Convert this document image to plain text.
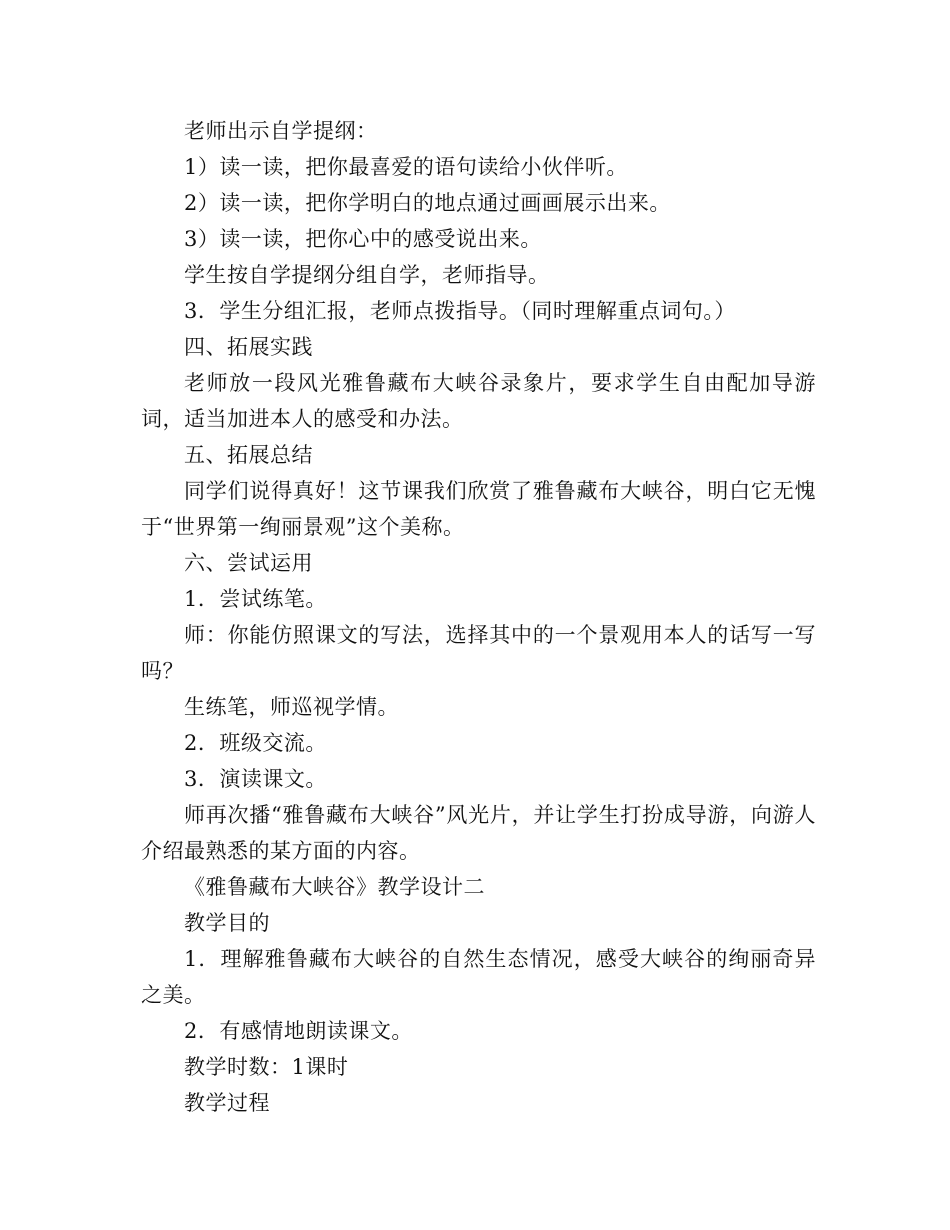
老师出示自学提纲：

1）读一读，把你最喜爱的语句读给小伙伴听。

2）读一读，把你学明白的地点通过画画展示出来。

3）读一读，把你心中的感受说出来。

学生按自学提纲分组自学，老师指导。

3．学生分组汇报，老师点拨指导。（同时理解重点词句。）

四、拓展实践

老师放一段风光雅鲁藏布大峡谷录象片，要求学生自由配加导游词，适当加进本人的感受和办法。

五、拓展总结

同学们说得真好！这节课我们欣赏了雅鲁藏布大峡谷，明白它无愧于“世界第一绚丽景观”这个美称。

六、尝试运用

1．尝试练笔。

师：你能仿照课文的写法，选择其中的一个景观用本人的话写一写吗？

生练笔，师巡视学情。

2．班级交流。

3．演读课文。

师再次播“雅鲁藏布大峡谷”风光片，并让学生打扮成导游，向游人介绍最熟悉的某方面的内容。

《雅鲁藏布大峡谷》教学设计二

教学目的

1．理解雅鲁藏布大峡谷的自然生态情况，感受大峡谷的绚丽奇异之美。

2．有感情地朗读课文。

教学时数：1课时

教学过程
